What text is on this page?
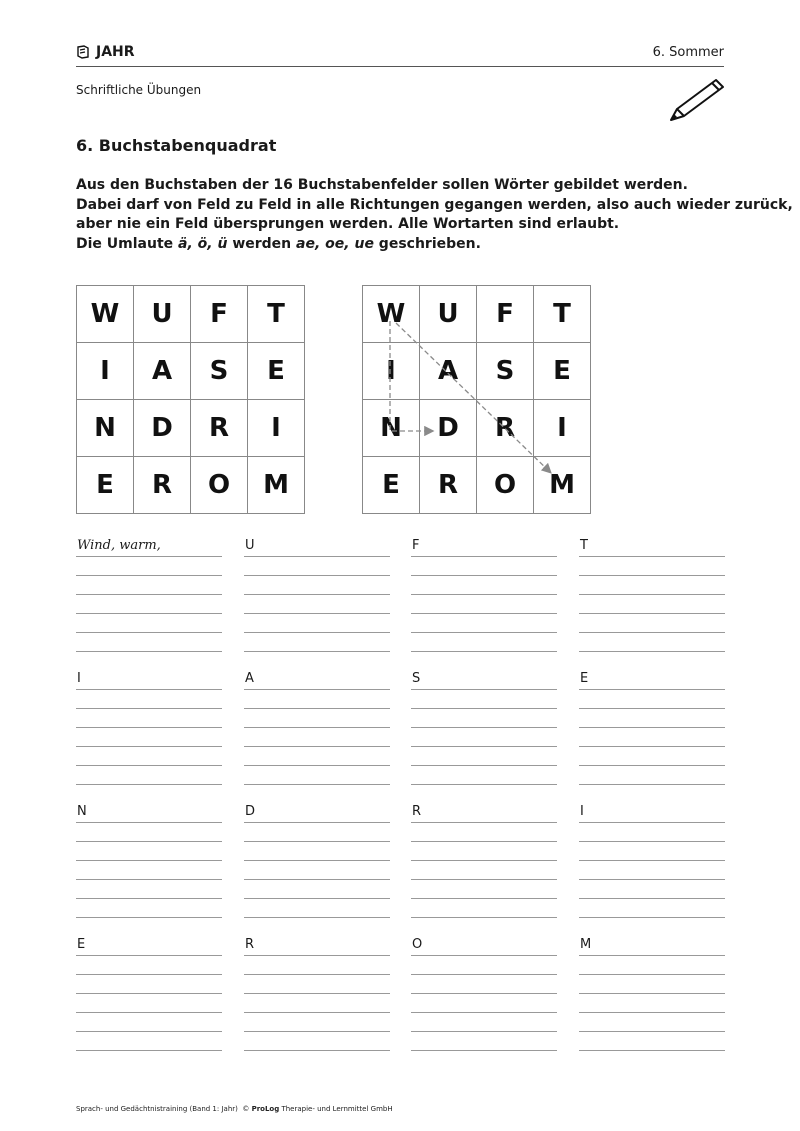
JAHR	6. Sommer
Schriftliche Übungen
6. Buchstabenquadrat

Aus den Buchstaben der 16 Buchstabenfelder sollen Wörter gebildet werden.

Dabei darf von Feld zu Feld in alle Richtungen gegangen werden, also auch wieder zurück,

aber nie ein Feld übersprungen werden. Alle Wortarten sind erlaubt.

Die Umlaute ä, ö, ü werden ae, oe, ue geschrieben.

W	U	F	T
I	A	S	E
N	D	R	I
E	R	O	M
W	U	F	T
I	A	S	E
N	D	R	I
E	R	O	M
Wind, warm,	U	F	T
I	A	S	E
N	D	R	I
E	R	O	M
Sprach- und Gedächtnistraining (Band 1: Jahr) © ProLog Therapie- und Lernmittel GmbH
